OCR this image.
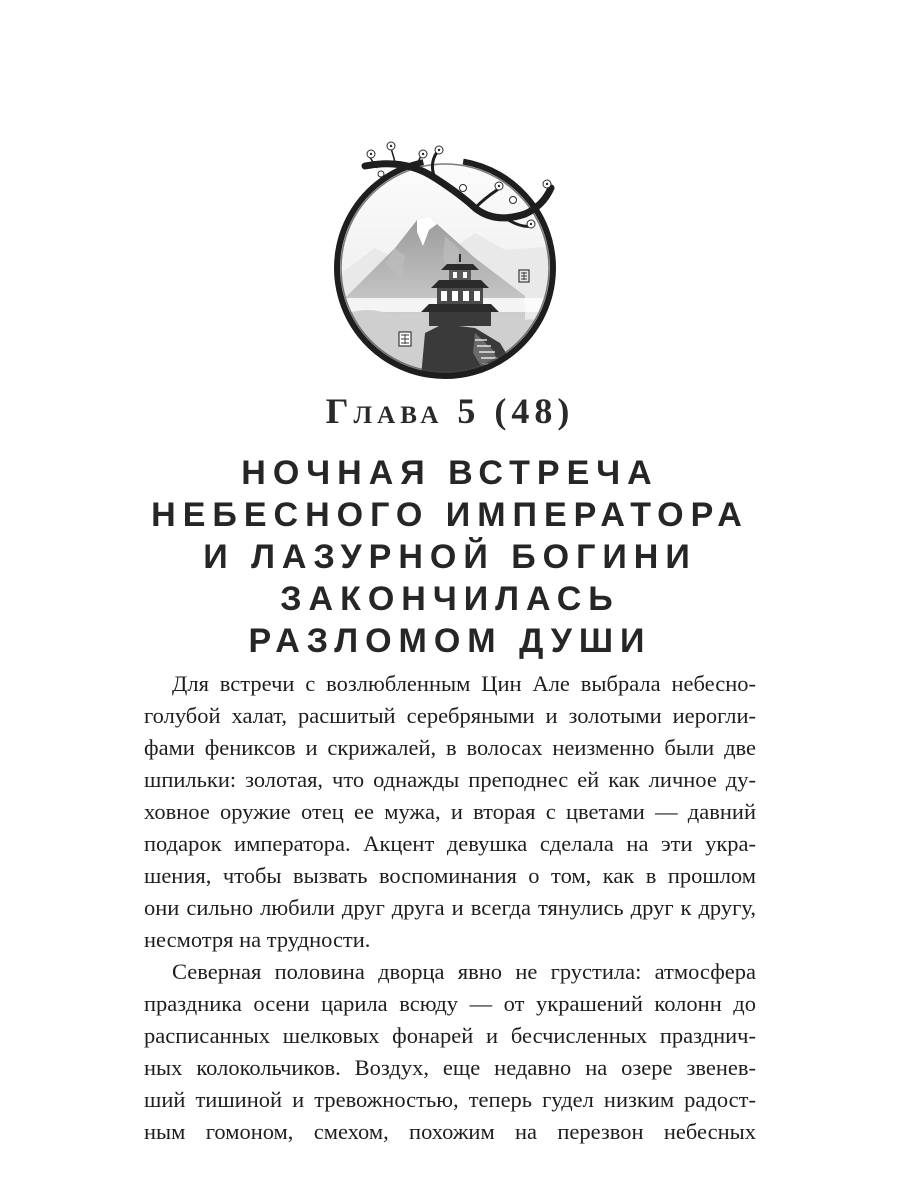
Глава 5 (48)
НОЧНАЯ ВСТРЕЧА
НЕБЕСНОГО ИМПЕРАТОРА
И ЛАЗУРНОЙ БОГИНИ
ЗАКОНЧИЛАСЬ
РАЗЛОМОМ ДУШИ
Для встречи с возлюбленным Цин Але выбрала небесно-
голубой халат, расшитый серебряными и золотыми иерогли-
фами фениксов и скрижалей, в волосах неизменно были две
шпильки: золотая, что однажды преподнес ей как личное ду-
ховное оружие отец ее мужа, и вторая с цветами — давний
подарок императора. Акцент девушка сделала на эти укра-
шения, чтобы вызвать воспоминания о том, как в прошлом
они сильно любили друг друга и всегда тянулись друг к другу,
несмотря на трудности.
Северная половина дворца явно не грустила: атмосфера
праздника осени царила всюду — от украшений колонн до
расписанных шелковых фонарей и бесчисленных празднич-
ных колокольчиков. Воздух, еще недавно на озере звенев-
ший тишиной и тревожностью, теперь гудел низким радост-
ным гомоном, смехом, похожим на перезвон небесных
